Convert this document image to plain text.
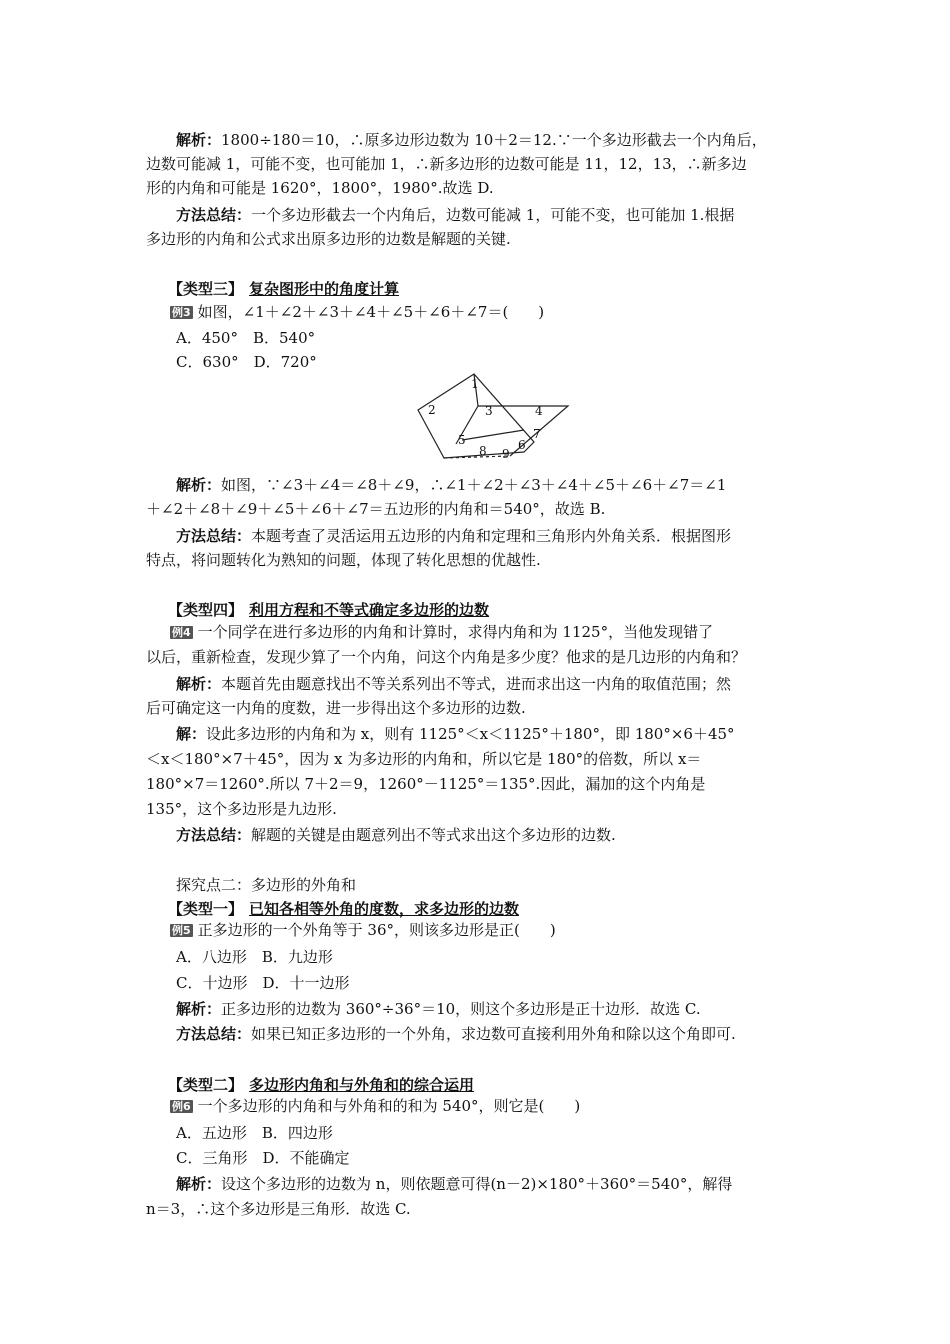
解析：1800÷180＝10，∴原多边形边数为 10＋2＝12.∵一个多边形截去一个内角后，
边数可能减 1，可能不变，也可能加 1，∴新多边形的边数可能是 11，12，13，∴新多边
形的内角和可能是 1620°，1800°，1980°.故选 D.
方法总结：一个多边形截去一个内角后，边数可能减 1，可能不变，也可能加 1.根据
多边形的内角和公式求出原多边形的边数是解题的关键.
【类型三】 复杂图形中的角度计算
例3 如图，∠1＋∠2＋∠3＋∠4＋∠5＋∠6＋∠7＝(　　)
A．450°　B．540°
C．630°　D．720°
1
2	3	4
5	6
7
8 9
解析：如图，∵∠3＋∠4＝∠8＋∠9，∴∠1＋∠2＋∠3＋∠4＋∠5＋∠6＋∠7＝∠1
＋∠2＋∠8＋∠9＋∠5＋∠6＋∠7＝五边形的内角和＝540°，故选 B.
方法总结：本题考查了灵活运用五边形的内角和定理和三角形内外角关系．根据图形
特点，将问题转化为熟知的问题，体现了转化思想的优越性.
【类型四】 利用方程和不等式确定多边形的边数
例4 一个同学在进行多边形的内角和计算时，求得内角和为 1125°，当他发现错了
以后，重新检查，发现少算了一个内角，问这个内角是多少度？他求的是几边形的内角和？
解析：本题首先由题意找出不等关系列出不等式，进而求出这一内角的取值范围；然
后可确定这一内角的度数，进一步得出这个多边形的边数.
解：设此多边形的内角和为 x，则有 1125°＜x＜1125°＋180°，即 180°×6＋45°
＜x＜180°×7＋45°，因为 x 为多边形的内角和，所以它是 180°的倍数，所以 x＝
180°×7＝1260°.所以 7＋2＝9，1260°－1125°＝135°.因此，漏加的这个内角是
135°，这个多边形是九边形.
方法总结：解题的关键是由题意列出不等式求出这个多边形的边数.
探究点二：多边形的外角和
【类型一】 已知各相等外角的度数，求多边形的边数
例5 正多边形的一个外角等于 36°，则该多边形是正(　　)
A．八边形　B．九边形
C．十边形　D．十一边形
解析：正多边形的边数为 360°÷36°＝10，则这个多边形是正十边形．故选 C.
方法总结：如果已知正多边形的一个外角，求边数可直接利用外角和除以这个角即可.
【类型二】 多边形内角和与外角和的综合运用
例6 一个多边形的内角和与外角和的和为 540°，则它是(　　)
A．五边形　B．四边形
C．三角形　D．不能确定
解析：设这个多边形的边数为 n，则依题意可得(n－2)×180°＋360°＝540°，解得
n＝3，∴这个多边形是三角形．故选 C.
